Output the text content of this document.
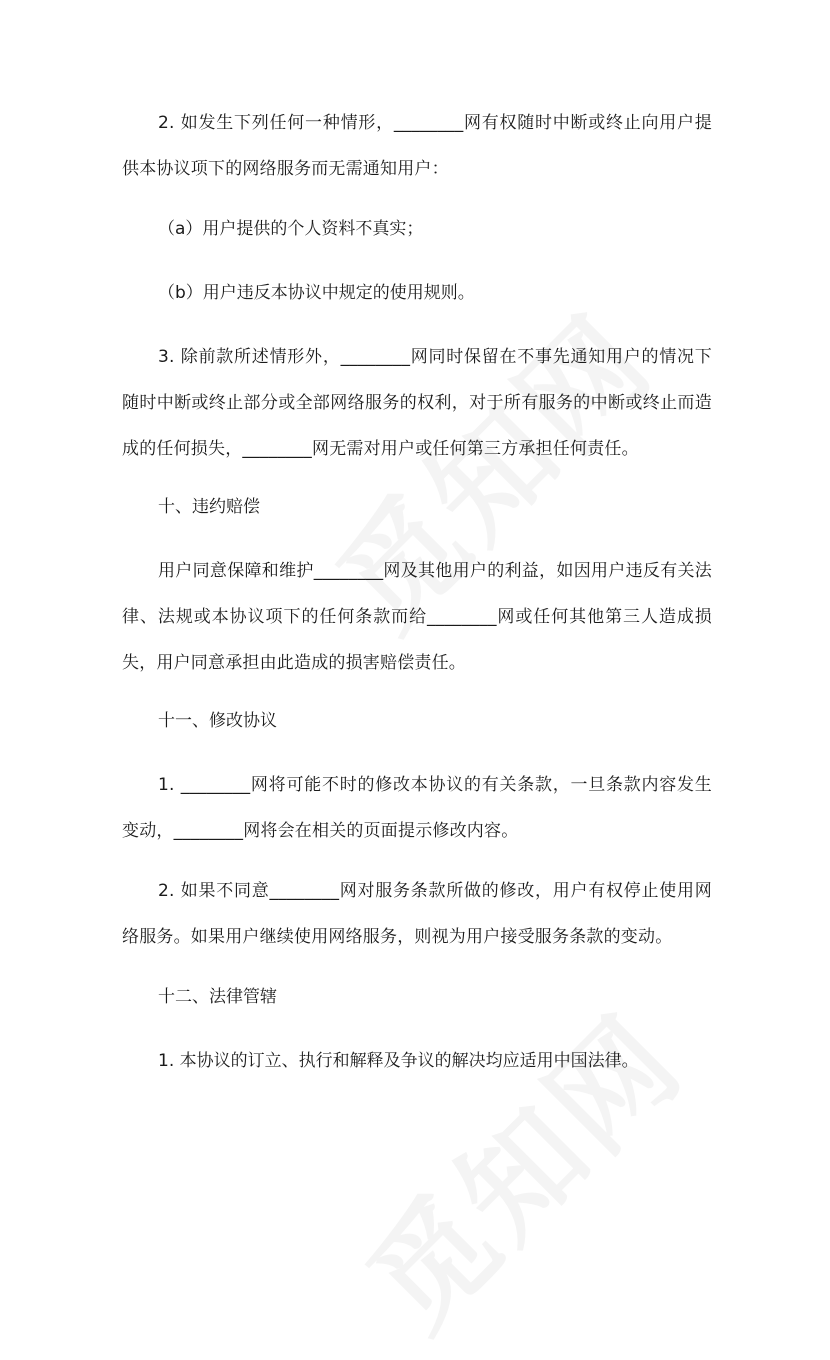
2. 如发生下列任何一种情形，________网有权随时中断或终止向用户提供本协议项下的网络服务而无需通知用户：

（a）用户提供的个人资料不真实；

（b）用户违反本协议中规定的使用规则。

3. 除前款所述情形外，________网同时保留在不事先通知用户的情况下随时中断或终止部分或全部网络服务的权利，对于所有服务的中断或终止而造成的任何损失，________网无需对用户或任何第三方承担任何责任。

十、违约赔偿

用户同意保障和维护________网及其他用户的利益，如因用户违反有关法律、法规或本协议项下的任何条款而给________网或任何其他第三人造成损失，用户同意承担由此造成的损害赔偿责任。

十一、修改协议

1. ________网将可能不时的修改本协议的有关条款，一旦条款内容发生变动，________网将会在相关的页面提示修改内容。

2. 如果不同意________网对服务条款所做的修改，用户有权停止使用网络服务。如果用户继续使用网络服务，则视为用户接受服务条款的变动。

十二、法律管辖

1. 本协议的订立、执行和解释及争议的解决均应适用中国法律。
